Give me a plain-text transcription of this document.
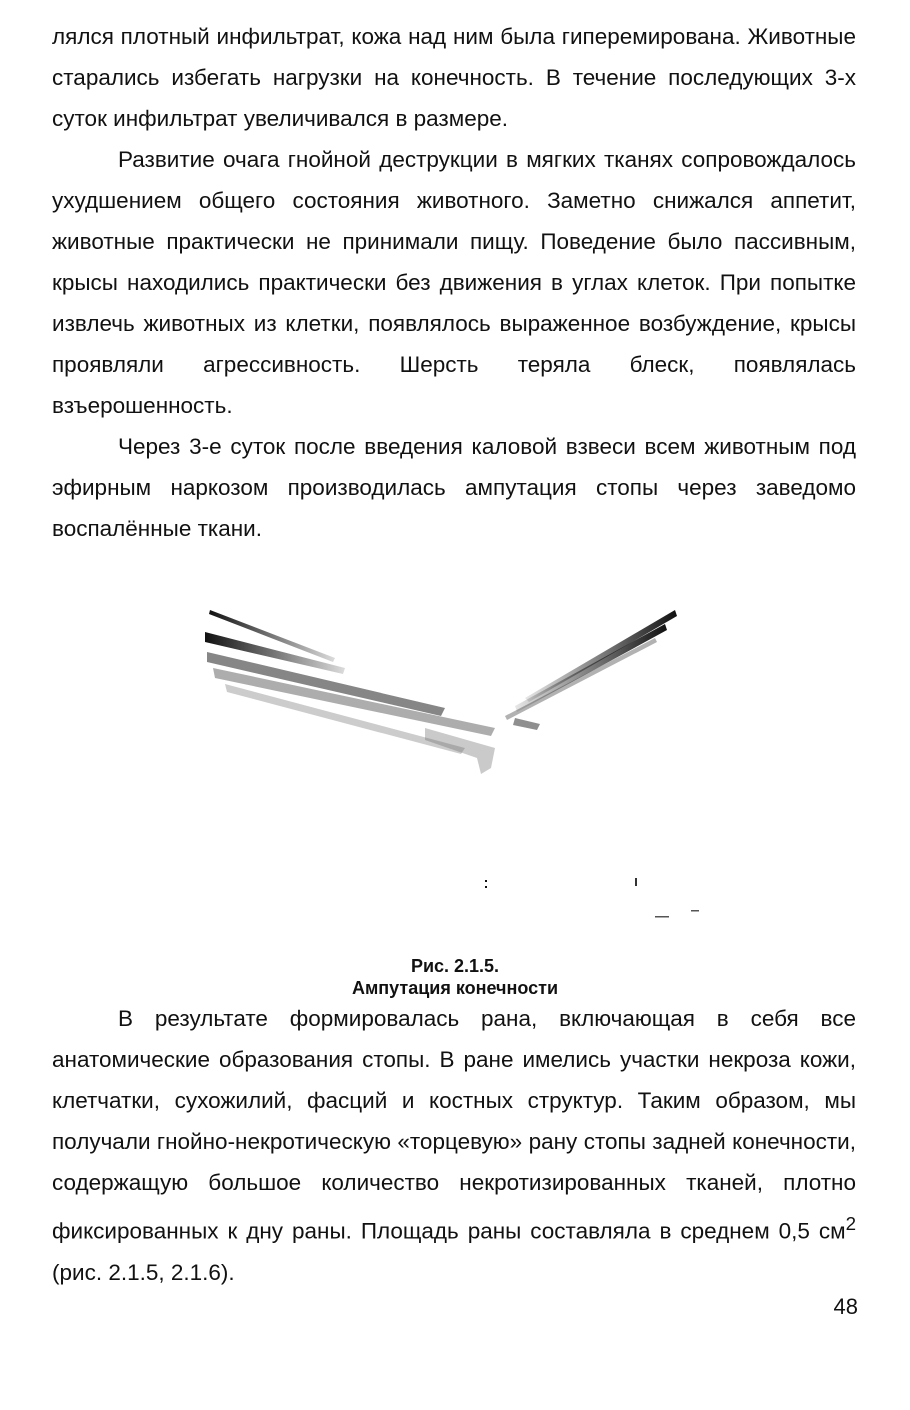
лялся плотный инфильтрат, кожа над ним была гиперемирована. Животные старались избегать нагрузки на конечность. В течение последующих 3-х суток инфильтрат увеличивался в размере.

Развитие очага гнойной деструкции в мягких тканях сопровождалось ухудшением общего состояния животного. Заметно снижался аппетит, животные практически не принимали пищу. Поведение было пассивным, крысы находились практически без движения в углах клеток. При попытке извлечь животных из клетки, появлялось выраженное возбуждение, крысы проявляли агрессивность. Шерсть теряла блеск, появлялась взъерошенность.

Через 3-е суток после введения каловой взвеси всем животным под эфирным наркозом производилась ампутация стопы через заведомо воспалённые ткани.

Рис. 2.1.5.
Ампутация конечности

В результате формировалась рана, включающая в себя все анатомические образования стопы. В ране имелись участки некроза кожи, клетчатки, сухожилий, фасций и костных структур. Таким образом, мы получали гнойно-некротическую «торцевую» рану стопы задней конечности, содержащую большое количество некротизированных тканей, плотно фиксированных к дну раны. Площадь раны составляла в среднем 0,5 $см^2$ (рис. 2.1.5, 2.1.6).

48
